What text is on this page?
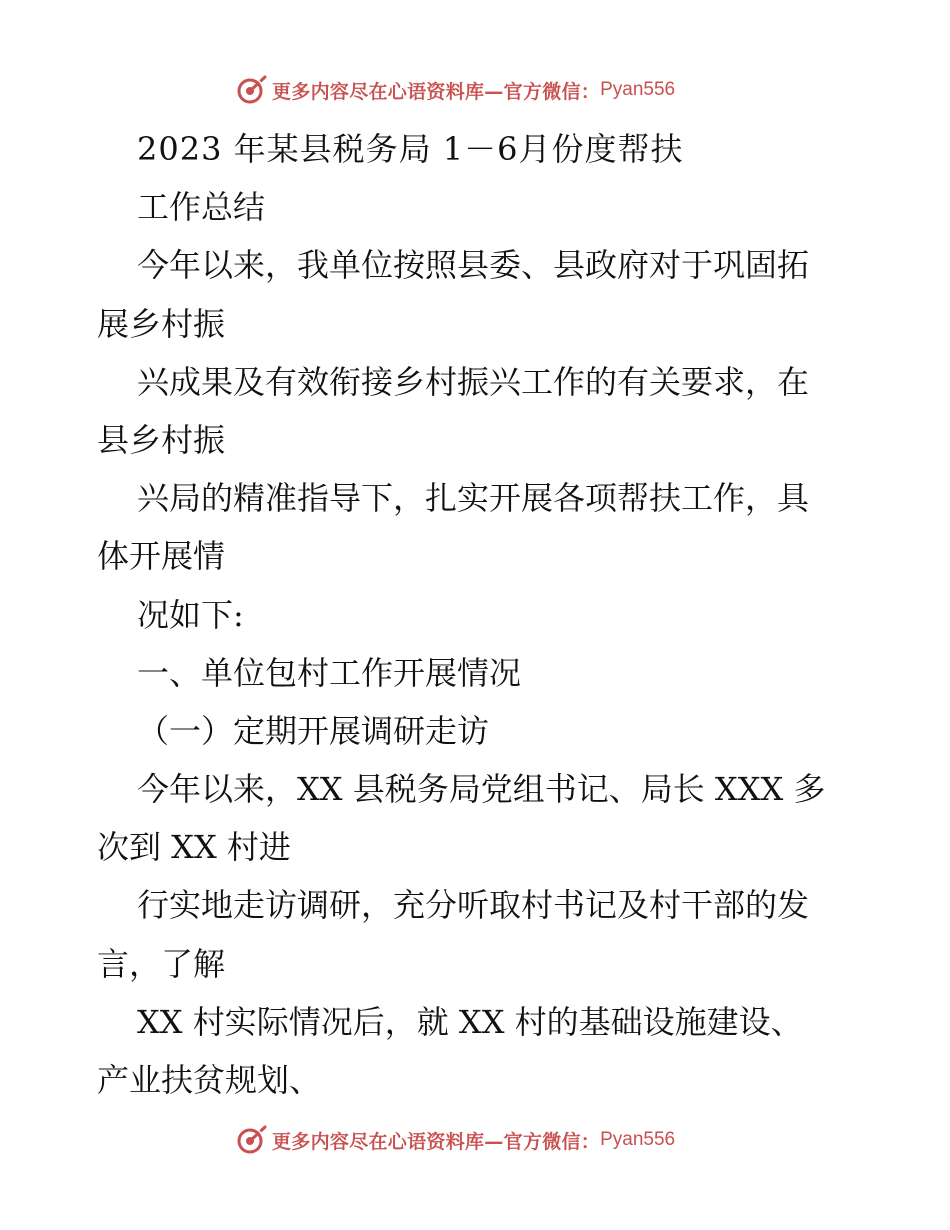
更多内容尽在心语资料库—官方微信： Pyan556
2023 年某县税务局 1－6月份度帮扶
工作总结
今年以来，我单位按照县委、县政府对于巩固拓
展乡村振
兴成果及有效衔接乡村振兴工作的有关要求，在
县乡村振
兴局的精准指导下，扎实开展各项帮扶工作，具
体开展情
况如下:
一、单位包村工作开展情况
（一）定期开展调研走访
今年以来，XX 县税务局党组书记、局长 XXX 多
次到 XX 村进
行实地走访调研，充分听取村书记及村干部的发
言，了解
XX 村实际情况后，就 XX 村的基础设施建设、
产业扶贫规划、
更多内容尽在心语资料库—官方微信： Pyan556
